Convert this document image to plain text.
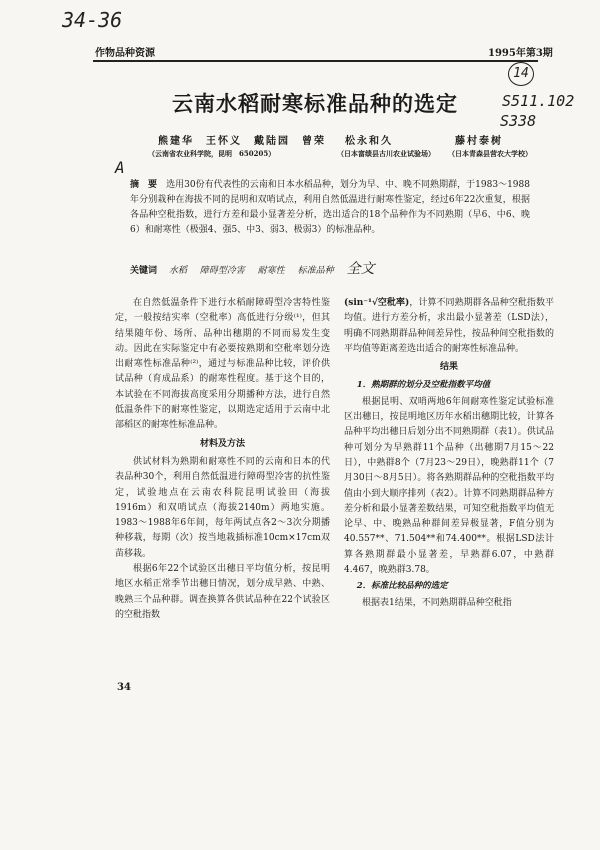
34-36
14
S511.102
S338
A
作物品种资源	1995年第3期
云南水稻耐寒标准品种的选定
熊建华　王怀义　戴陆园　曾荣 松永和久	藤村泰树
（云南省农业科学院，昆明　650205）	（日本富绩县古川农业试验场） （日本青森县营农大学校）
摘　要　 选用30份有代表性的云南和日本水稻品种，划分为早、中、晚不同熟期群，于1983～1988年分别栽种在海拔不同的昆明和双哨试点，利用自然低温进行耐寒性鉴定，经过6年22次重复，根据各品种空秕指数，进行方差和最小显著差分析，选出适合的18个品种作为不同熟期（早6、中6、晚6）和耐寒性（极强4、强5、中3、弱3、极弱3）的标准品种。
关键词　 水稻 障碍型冷害 耐寒性 标准品种 全文

在自然低温条件下进行水稻耐障碍型冷害特性鉴定，一般按结实率（空秕率）高低进行分级⁽¹⁾，但其结果随年份、场所、品种出穗期的不同而易发生变动。因此在实际鉴定中有必要按熟期和空秕率划分选出耐寒性标准品种⁽²⁾，通过与标准品种比较，评价供试品种（育成品系）的耐寒性程度。基于这个目的，本试验在不同海拔高度采用分期播种方法，进行自然低温条件下的耐寒性鉴定，以期选定适用于云南中北部稻区的耐寒性标准品种。

材料及方法

供试材料为熟期和耐寒性不同的云南和日本的代表品种30个，利用自然低温进行障碍型冷害的抗性鉴定，试验地点在云南农科院昆明试验田（海拔1916m）和双哨试点（海拔2140m）两地实施。1983～1988年6年间，每年两试点各2～3次分期播种移栽，每期（次）按当地栽插标准10cm×17cm双苗移栽。

根据6年22个试验区出穗日平均值分析，按昆明地区水稻正常季节出穗日情况，划分成早熟、中熟、晚熟三个品种群。调查换算各供试品种在22个试验区的空秕指数

(sin⁻¹√空秕率)，计算不同熟期群各品种空秕指数平均值。进行方差分析，求出最小显著差（LSD法），明确不同熟期群品种间差异性，按品种间空秕指数的平均值等距离差选出适合的耐寒性标准品种。

结果
1．熟期群的划分及空秕指数平均值

根据昆明、双哨两地6年间耐寒性鉴定试验标准区出穗日，按昆明地区历年水稻出穗期比较，计算各品种平均出穗日后划分出不同熟期群（表1）。供试品种可划分为早熟群11个品种（出穗期7月15～22日），中熟群8个（7月23～29日），晚熟群11个（7月30日～8月5日）。将各熟期群品种的空秕指数平均值由小到大顺序排列（表2）。计算不同熟期群品种方差分析和最小显著差数结果，可知空秕指数平均值无论早、中、晚熟品种群间差异极显著，F值分别为40.557**、71.504**和74.400**。根据LSD法计算各熟期群最小显著差，早熟群6.07，中熟群4.467，晚熟群3.78。

2．标准比较品种的选定

根据表1结果，不同熟期群品种空秕指

34
